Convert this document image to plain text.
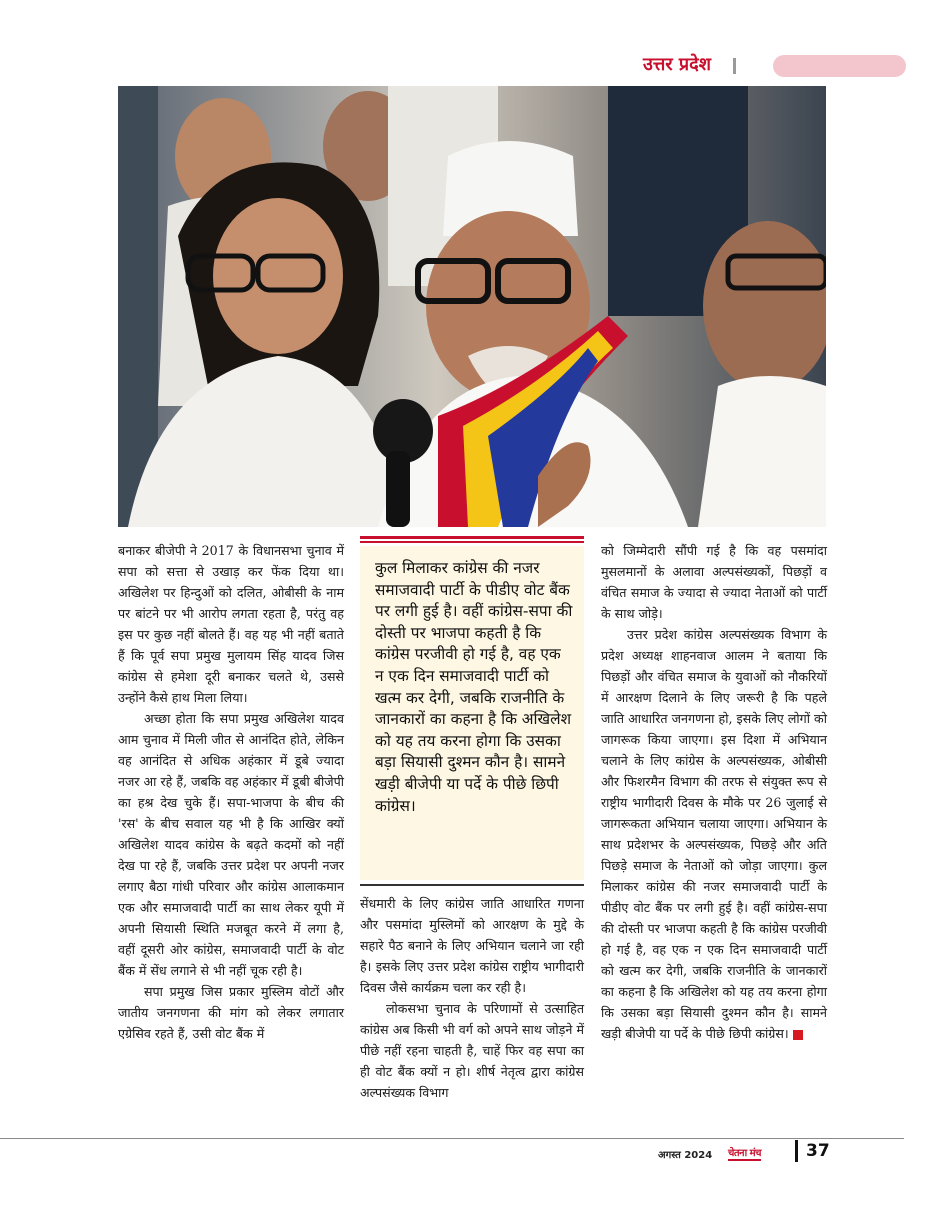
उत्तर प्रदेश

बनाकर बीजेपी ने 2017 के विधानसभा चुनाव में सपा को सत्ता से उखाड़ कर फेंक दिया था। अखिलेश पर हिन्दुओं को दलित, ओबीसी के नाम पर बांटने पर भी आरोप लगता रहता है, परंतु वह इस पर कुछ नहीं बोलते हैं। वह यह भी नहीं बताते हैं कि पूर्व सपा प्रमुख मुलायम सिंह यादव जिस कांग्रेस से हमेशा दूरी बनाकर चलते थे, उससे उन्होंने कैसे हाथ मिला लिया।

अच्छा होता कि सपा प्रमुख अखिलेश यादव आम चुनाव में मिली जीत से आनंदित होते, लेकिन वह आनंदित से अधिक अहंकार में डूबे ज्यादा नजर आ रहे हैं, जबकि वह अहंकार में डूबी बीजेपी का हश्र देख चुके हैं। सपा-भाजपा के बीच की 'रस' के बीच सवाल यह भी है कि आखिर क्यों अखिलेश यादव कांग्रेस के बढ़ते कदमों को नहीं देख पा रहे हैं, जबकि उत्तर प्रदेश पर अपनी नजर लगाए बैठा गांधी परिवार और कांग्रेस आलाकमान एक और समाजवादी पार्टी का साथ लेकर यूपी में अपनी सियासी स्थिति मजबूत करने में लगा है, वहीं दूसरी ओर कांग्रेस, समाजवादी पार्टी के वोट बैंक में सेंध लगाने से भी नहीं चूक रही है।

सपा प्रमुख जिस प्रकार मुस्लिम वोटों और जातीय जनगणना की मांग को लेकर लगातार एग्रेसिव रहते हैं, उसी वोट बैंक में

कुल मिलाकर कांग्रेस की नजर समाजवादी पार्टी के पीडीए वोट बैंक पर लगी हुई है। वहीं कांग्रेस-सपा की दोस्ती पर भाजपा कहती है कि कांग्रेस परजीवी हो गई है, वह एक न एक दिन समाजवादी पार्टी को खत्म कर देगी, जबकि राजनीति के जानकारों का कहना है कि अखिलेश को यह तय करना होगा कि उसका बड़ा सियासी दुश्मन कौन है। सामने खड़ी बीजेपी या पर्दे के पीछे छिपी कांग्रेस।

सेंधमारी के लिए कांग्रेस जाति आधारित गणना और पसमांदा मुस्लिमों को आरक्षण के मुद्दे के सहारे पैठ बनाने के लिए अभियान चलाने जा रही है। इसके लिए उत्तर प्रदेश कांग्रेस राष्ट्रीय भागीदारी दिवस जैसे कार्यक्रम चला कर रही है।

लोकसभा चुनाव के परिणामों से उत्साहित कांग्रेस अब किसी भी वर्ग को अपने साथ जोड़ने में पीछे नहीं रहना चाहती है, चाहें फिर वह सपा का ही वोट बैंक क्यों न हो। शीर्ष नेतृत्व द्वारा कांग्रेस अल्पसंख्यक विभाग

को जिम्मेदारी सौंपी गई है कि वह पसमांदा मुसलमानों के अलावा अल्पसंख्यकों, पिछड़ों व वंचित समाज के ज्यादा से ज्यादा नेताओं को पार्टी के साथ जोड़े।

उत्तर प्रदेश कांग्रेस अल्पसंख्यक विभाग के प्रदेश अध्यक्ष शाहनवाज आलम ने बताया कि पिछड़ों और वंचित समाज के युवाओं को नौकरियों में आरक्षण दिलाने के लिए जरूरी है कि पहले जाति आधारित जनगणना हो, इसके लिए लोगों को जागरूक किया जाएगा। इस दिशा में अभियान चलाने के लिए कांग्रेस के अल्पसंख्यक, ओबीसी और फिशरमैन विभाग की तरफ से संयुक्त रूप से राष्ट्रीय भागीदारी दिवस के मौके पर 26 जुलाई से जागरूकता अभियान चलाया जाएगा। अभियान के साथ प्रदेशभर के अल्पसंख्यक, पिछड़े और अति पिछड़े समाज के नेताओं को जोड़ा जाएगा। कुल मिलाकर कांग्रेस की नजर समाजवादी पार्टी के पीडीए वोट बैंक पर लगी हुई है। वहीं कांग्रेस-सपा की दोस्ती पर भाजपा कहती है कि कांग्रेस परजीवी हो गई है, वह एक न एक दिन समाजवादी पार्टी को खत्म कर देगी, जबकि राजनीति के जानकारों का कहना है कि अखिलेश को यह तय करना होगा कि उसका बड़ा सियासी दुश्मन कौन है। सामने खड़ी बीजेपी या पर्दे के पीछे छिपी कांग्रेस।

अगस्त 2024 चेतना मंच	37
